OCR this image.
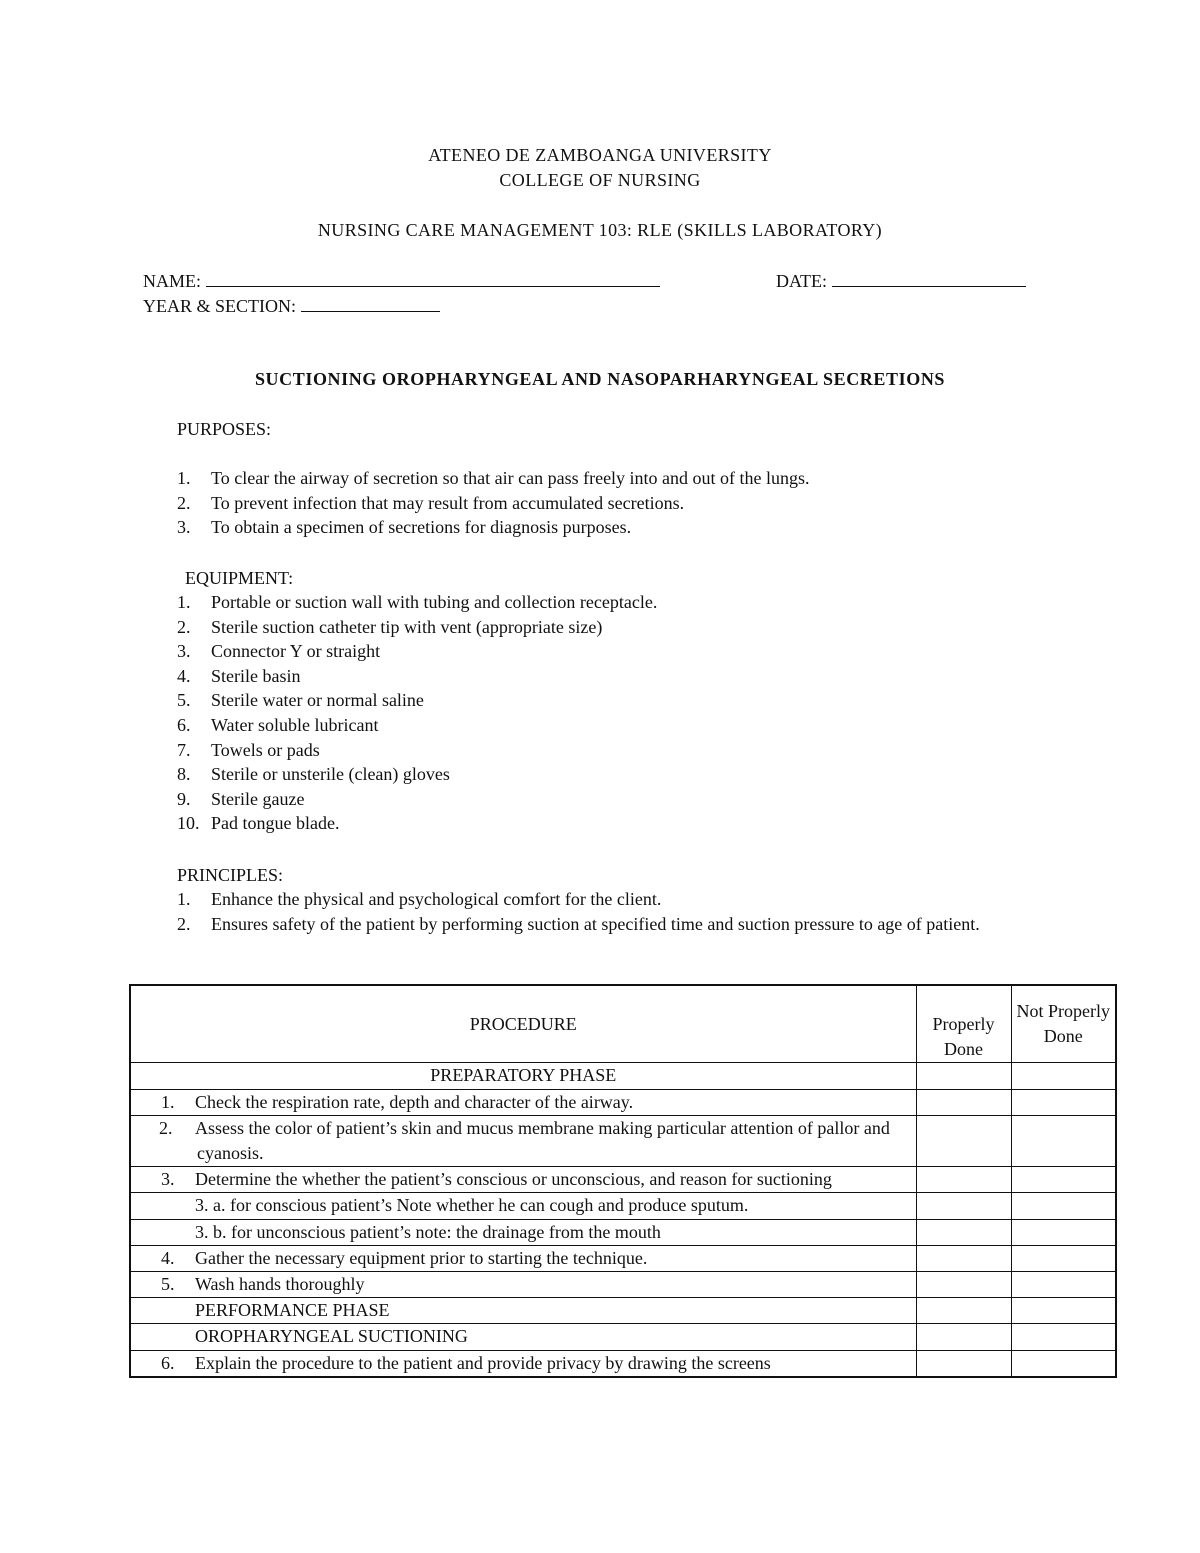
ATENEO DE ZAMBOANGA UNIVERSITY
COLLEGE OF NURSING
NURSING CARE MANAGEMENT 103: RLE (SKILLS LABORATORY)
NAME:	DATE:
YEAR & SECTION:
SUCTIONING OROPHARYNGEAL AND NASOPARHARYNGEAL SECRETIONS
PURPOSES:
1. To clear the airway of secretion so that air can pass freely into and out of the lungs.
2. To prevent infection that may result from accumulated secretions.
3. To obtain a specimen of secretions for diagnosis purposes.
EQUIPMENT:
1. Portable or suction wall with tubing and collection receptacle.
2. Sterile suction catheter tip with vent (appropriate size)
3. Connector Y or straight
4. Sterile basin
5. Sterile water or normal saline
6. Water soluble lubricant
7. Towels or pads
8. Sterile or unsterile (clean) gloves
9. Sterile gauze
10. Pad tongue blade.
PRINCIPLES:
1. Enhance the physical and psychological comfort for the client.
2. Ensures safety of the patient by performing suction at specified time and suction pressure to age of patient.
PROCEDURE	Properly Done	Not Properly Done
PREPARATORY PHASE		

1. Check the respiration rate, depth and character of the airway.		

2. Assess the color of patient’s skin and mucus membrane making particular attention of pallor and cyanosis.		

3. Determine the whether the patient’s conscious or unconscious, and reason for suctioning		
3. a. for conscious patient’s Note whether he can cough and produce sputum.		
3. b. for unconscious patient’s note: the drainage from the mouth		

4. Gather the necessary equipment prior to starting the technique.		

5. Wash hands thoroughly		
PERFORMANCE PHASE		
OROPHARYNGEAL SUCTIONING		

6. Explain the procedure to the patient and provide privacy by drawing the screens		
